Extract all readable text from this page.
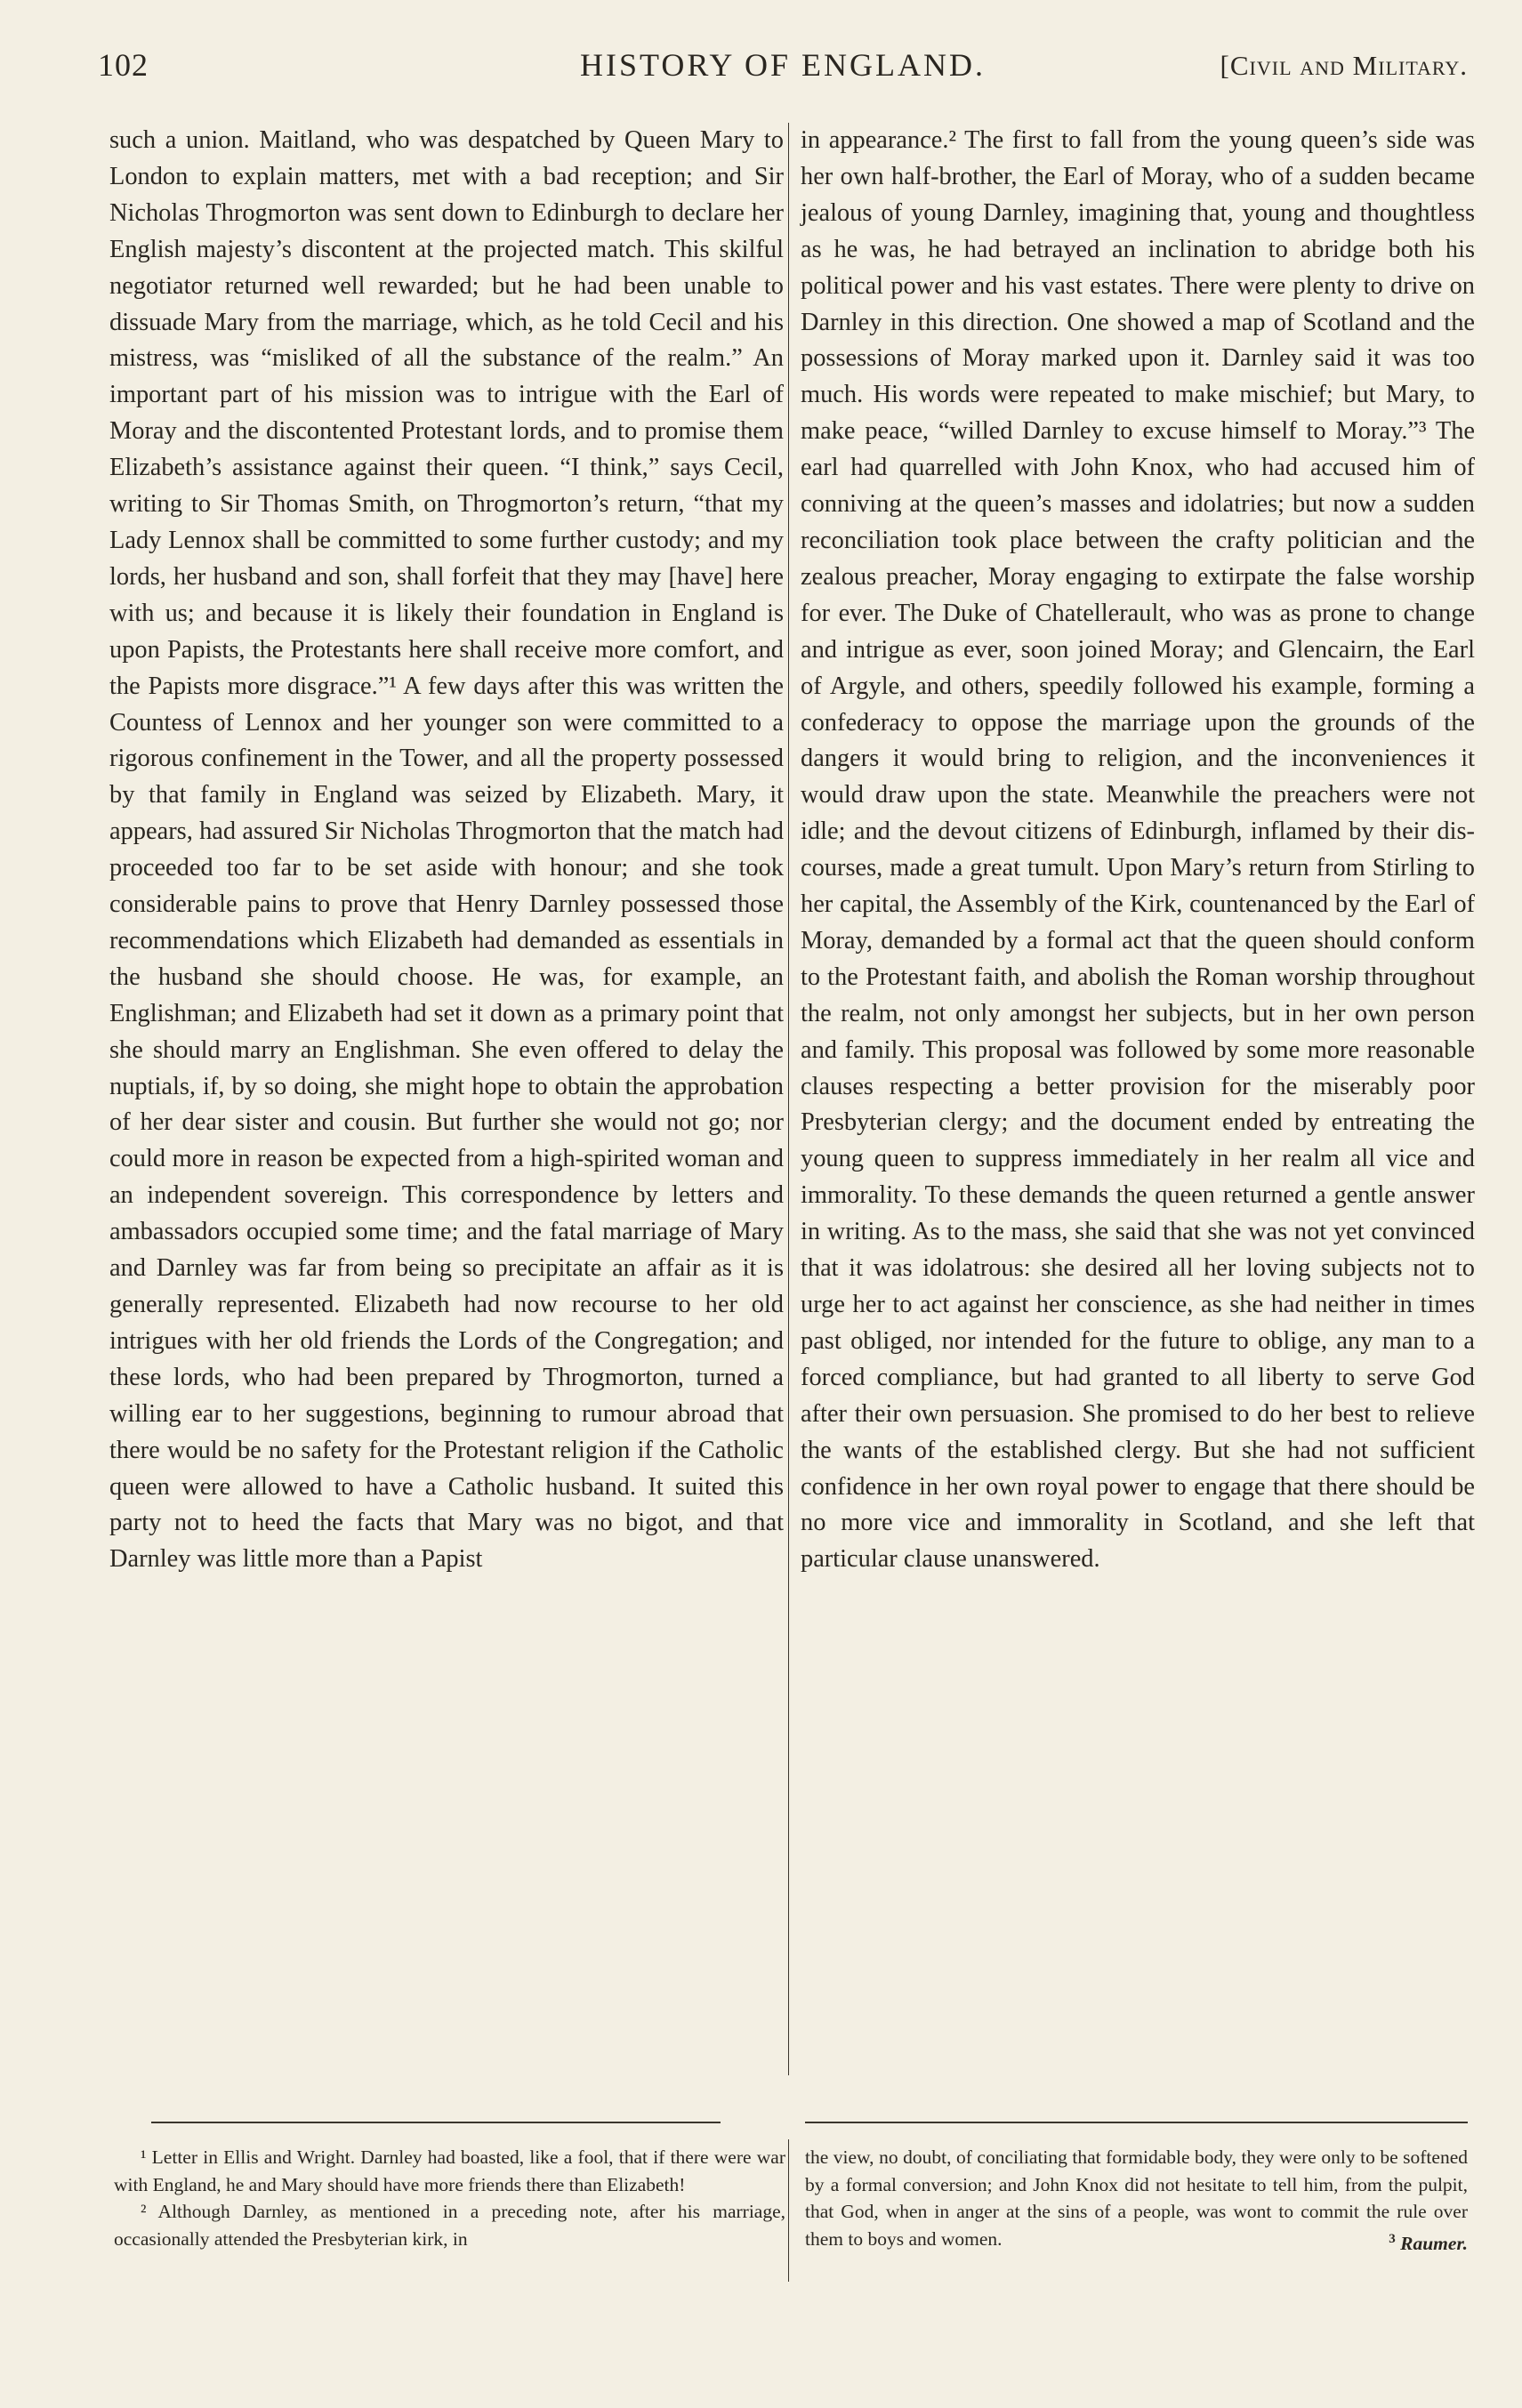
102	HISTORY OF ENGLAND.	[Civil and Military.

such a union. Maitland, who was despatched by Queen Mary to London to explain matters, met with a bad reception; and Sir Nicholas Throgmorton was sent down to Edinburgh to declare her English majesty’s discontent at the projected match. This skilful negotiator returned well rewarded; but he had been unable to dissuade Mary from the marriage, which, as he told Cecil and his mistress, was “misliked of all the substance of the realm.” An important part of his mission was to intrigue with the Earl of Moray and the discontented Protestant lords, and to promise them Elizabeth’s assistance against their queen. “I think,” says Cecil, writing to Sir Thomas Smith, on Throgmorton’s return, “that my Lady Lennox shall be committed to some further custody; and my lords, her husband and son, shall forfeit that they may [have] here with us; and because it is likely their foundation in England is upon Papists, the Protestants here shall receive more comfort, and the Papists more disgrace.”¹ A few days after this was written the Countess of Lennox and her younger son were committed to a rigorous confinement in the Tower, and all the property possessed by that family in England was seized by Elizabeth. Mary, it appears, had assured Sir Nicholas Throgmorton that the match had proceeded too far to be set aside with honour; and she took considerable pains to prove that Henry Darnley possessed those recommendations which Elizabeth had demanded as essentials in the husband she should choose. He was, for example, an Englishman; and Elizabeth had set it down as a primary point that she should marry an Englishman. She even offered to delay the nuptials, if, by so doing, she might hope to obtain the approbation of her dear sister and cousin. But further she would not go; nor could more in reason be expected from a high-spirited woman and an independent sovereign. This correspondence by letters and ambassadors occupied some time; and the fatal marriage of Mary and Darnley was far from being so precipitate an affair as it is generally represented. Elizabeth had now recourse to her old intrigues with her old friends the Lords of the Congregation; and these lords, who had been prepared by Throgmorton, turned a willing ear to her suggestions, beginning to rumour abroad that there would be no safety for the Protestant religion if the Catholic queen were allowed to have a Catholic husband. It suited this party not to heed the facts that Mary was no bigot, and that Darnley was little more than a Papist

in appearance.² The first to fall from the young queen’s side was her own half-brother, the Earl of Moray, who of a sudden became jealous of young Darnley, imagining that, young and thoughtless as he was, he had betrayed an inclination to abridge both his political power and his vast estates. There were plenty to drive on Darnley in this direction. One showed a map of Scotland and the possessions of Moray marked upon it. Darnley said it was too much. His words were repeated to make mischief; but Mary, to make peace, “willed Darnley to excuse himself to Moray.”³ The earl had quarrelled with John Knox, who had accused him of conniving at the queen’s masses and idolatries; but now a sudden reconciliation took place between the crafty politician and the zealous preacher, Moray engaging to extirpate the false worship for ever. The Duke of Chatellerault, who was as prone to change and intrigue as ever, soon joined Moray; and Glencairn, the Earl of Argyle, and others, speedily followed his example, forming a confederacy to oppose the marriage upon the grounds of the dangers it would bring to religion, and the inconveniences it would draw upon the state. Meanwhile the preachers were not idle; and the devout citizens of Edinburgh, inflamed by their discourses, made a great tumult. Upon Mary’s return from Stirling to her capital, the Assembly of the Kirk, countenanced by the Earl of Moray, demanded by a formal act that the queen should conform to the Protestant faith, and abolish the Roman worship throughout the realm, not only amongst her subjects, but in her own person and family. This proposal was followed by some more reasonable clauses respecting a better provision for the miserably poor Presbyterian clergy; and the document ended by entreating the young queen to suppress immediately in her realm all vice and immorality. To these demands the queen returned a gentle answer in writing. As to the mass, she said that she was not yet convinced that it was idolatrous: she desired all her loving subjects not to urge her to act against her conscience, as she had neither in times past obliged, nor intended for the future to oblige, any man to a forced compliance, but had granted to all liberty to serve God after their own persuasion. She promised to do her best to relieve the wants of the established clergy. But she had not sufficient confidence in her own royal power to engage that there should be no more vice and immorality in Scotland, and she left that particular clause unanswered.

¹ Letter in Ellis and Wright. Darnley had boasted, like a fool, that if there were war with England, he and Mary should have more friends there than Elizabeth!

² Although Darnley, as mentioned in a preceding note, after his marriage, occasionally attended the Presbyterian kirk, in

the view, no doubt, of conciliating that formidable body, they were only to be softened by a formal conversion; and John Knox did not hesitate to tell him, from the pulpit, that God, when in anger at the sins of a people, was wont to commit the rule over them to boys and women.	$^3$ Raumer.
